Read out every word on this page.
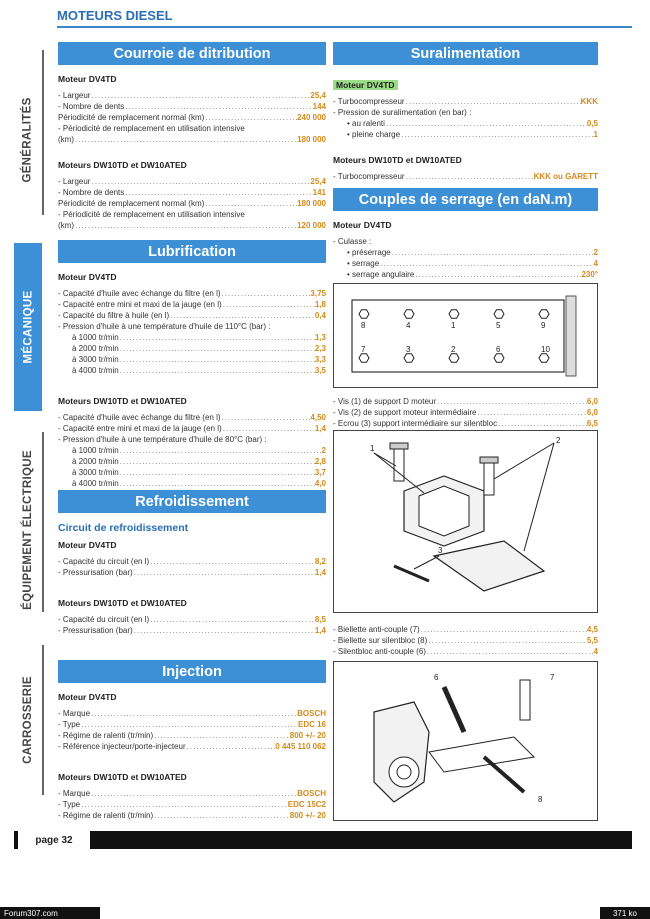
MOTEURS DIESEL
GÉNÉRALITÉS
MÉCANIQUE
ÉQUIPEMENT ÉLECTRIQUE
CARROSSERIE
Courroie de ditribution
Moteur DV4TD
- Largeur .....	25,4
- Nombre de dents .....	144
Périodicité de remplacement normal (km) .....	240 000
- Périodicité de remplacement en utilisation intensive
(km) .....	180 000
Moteurs DW10TD et DW10ATED
- Largeur .....	25,4
- Nombre de dents .....	141
Périodicité de remplacement normal (km) .....	180 000
- Périodicité de remplacement en utilisation intensive
(km) .....	120 000
Lubrification
Moteur DV4TD
- Capacité d'huile avec échange du filtre (en l) .....	3,75
- Capacité entre mini et maxi de la jauge (en l) .....	1,8
- Capacité du filtre à huile (en l) .....	0,4
- Pression d'huile à une température d'huile de 110°C (bar) :
à 1000 tr/min .....	1,3
à 2000 tr/min .....	2,3
à 3000 tr/min .....	3,3
à 4000 tr/min .....	3,5
Moteurs DW10TD et DW10ATED
- Capacité d'huile avec échange du filtre (en l) .....	4,50
- Capacité entre mini et maxi de la jauge (en l) .....	1,4
- Pression d'huile à une température d'huile de 80°C (bar) :
à 1000 tr/min .....	2
à 2000 tr/min .....	2,8
à 3000 tr/min .....	3,7
à 4000 tr/min .....	4,0
Refroidissement
Circuit de refroidissement
Moteur DV4TD
- Capacité du circuit (en l) .....	8,2
- Pressurisation (bar) .....	1,4
Moteurs DW10TD et DW10ATED
- Capacité du circuit (en l) .....	8,5
- Pressurisation (bar) .....	1,4
Injection
Moteur DV4TD
- Marque .....	BOSCH
- Type .....	EDC 16
- Régime de ralenti (tr/min) .....	800 +/- 20
- Référence injecteur/porte-injecteur .....	0 445 110 062
Moteurs DW10TD et DW10ATED
- Marque .....	BOSCH
- Type .....	EDC 15C2
- Régime de ralenti (tr/min) .....	800 +/- 20
Suralimentation
Moteur DV4TD
- Turbocompresseur .....	KKK
- Pression de suralimentation (en bar) :
• au ralenti .....	0,5
• pleine charge .....	1
Moteurs DW10TD et DW10ATED
- Turbocompresseur .....	KKK ou GARETT
Couples de serrage (en daN.m)
Moteur DV4TD
- Culasse :
• préserrage .....	2
• serrage .....	4
• serrage angulaire .....	230°
8	4	1	5	9
7	3	2	6	10
- Vis (1) de support D moteur .....	6,0
- Vis (2) de support moteur intermédiaire .....	6,0
- Ecrou (3) support intermédiaire sur silentbloc .....	6,5
1
2
3
- Biellette anti-couple (7) .....	4,5
- Biellette sur silentbloc (8) .....	5,5
- Silentbloc anti-couple (6) .....	4
6	7
8
page 32
Forum307.com	371 ko
